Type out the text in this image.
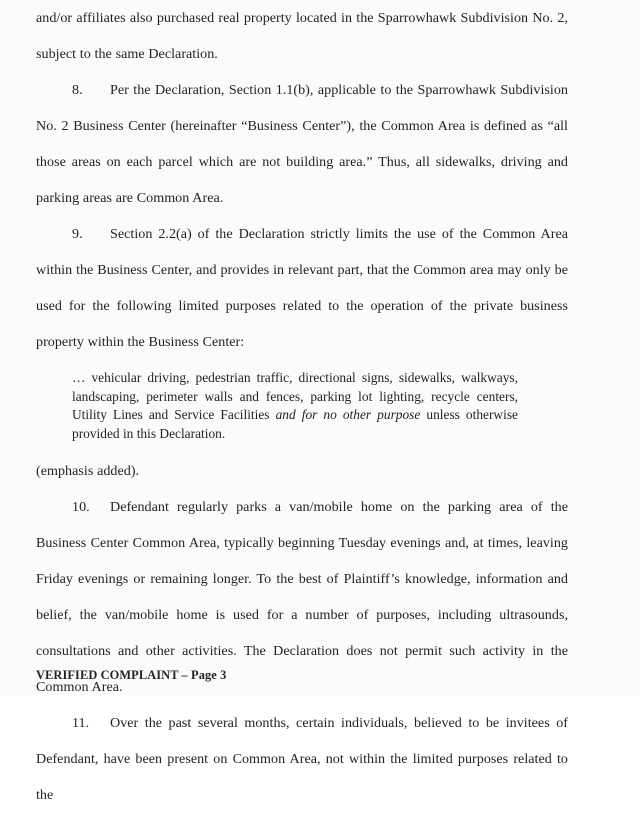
and/or affiliates also purchased real property located in the Sparrowhawk Subdivision No. 2, subject to the same Declaration.

8. Per the Declaration, Section 1.1(b), applicable to the Sparrowhawk Subdivision No. 2 Business Center (hereinafter “Business Center”), the Common Area is defined as “all those areas on each parcel which are not building area.” Thus, all sidewalks, driving and parking areas are Common Area.

9. Section 2.2(a) of the Declaration strictly limits the use of the Common Area within the Business Center, and provides in relevant part, that the Common area may only be used for the following limited purposes related to the operation of the private business property within the Business Center:

… vehicular driving, pedestrian traffic, directional signs, sidewalks, walkways, landscaping, perimeter walls and fences, parking lot lighting, recycle centers, Utility Lines and Service Facilities and for no other purpose unless otherwise provided in this Declaration.

(emphasis added).

10. Defendant regularly parks a van/mobile home on the parking area of the Business Center Common Area, typically beginning Tuesday evenings and, at times, leaving Friday evenings or remaining longer. To the best of Plaintiff’s knowledge, information and belief, the van/mobile home is used for a number of purposes, including ultrasounds, consultations and other activities. The Declaration does not permit such activity in the Common Area.

11. Over the past several months, certain individuals, believed to be invitees of Defendant, have been present on Common Area, not within the limited purposes related to the

VERIFIED COMPLAINT – Page 3
